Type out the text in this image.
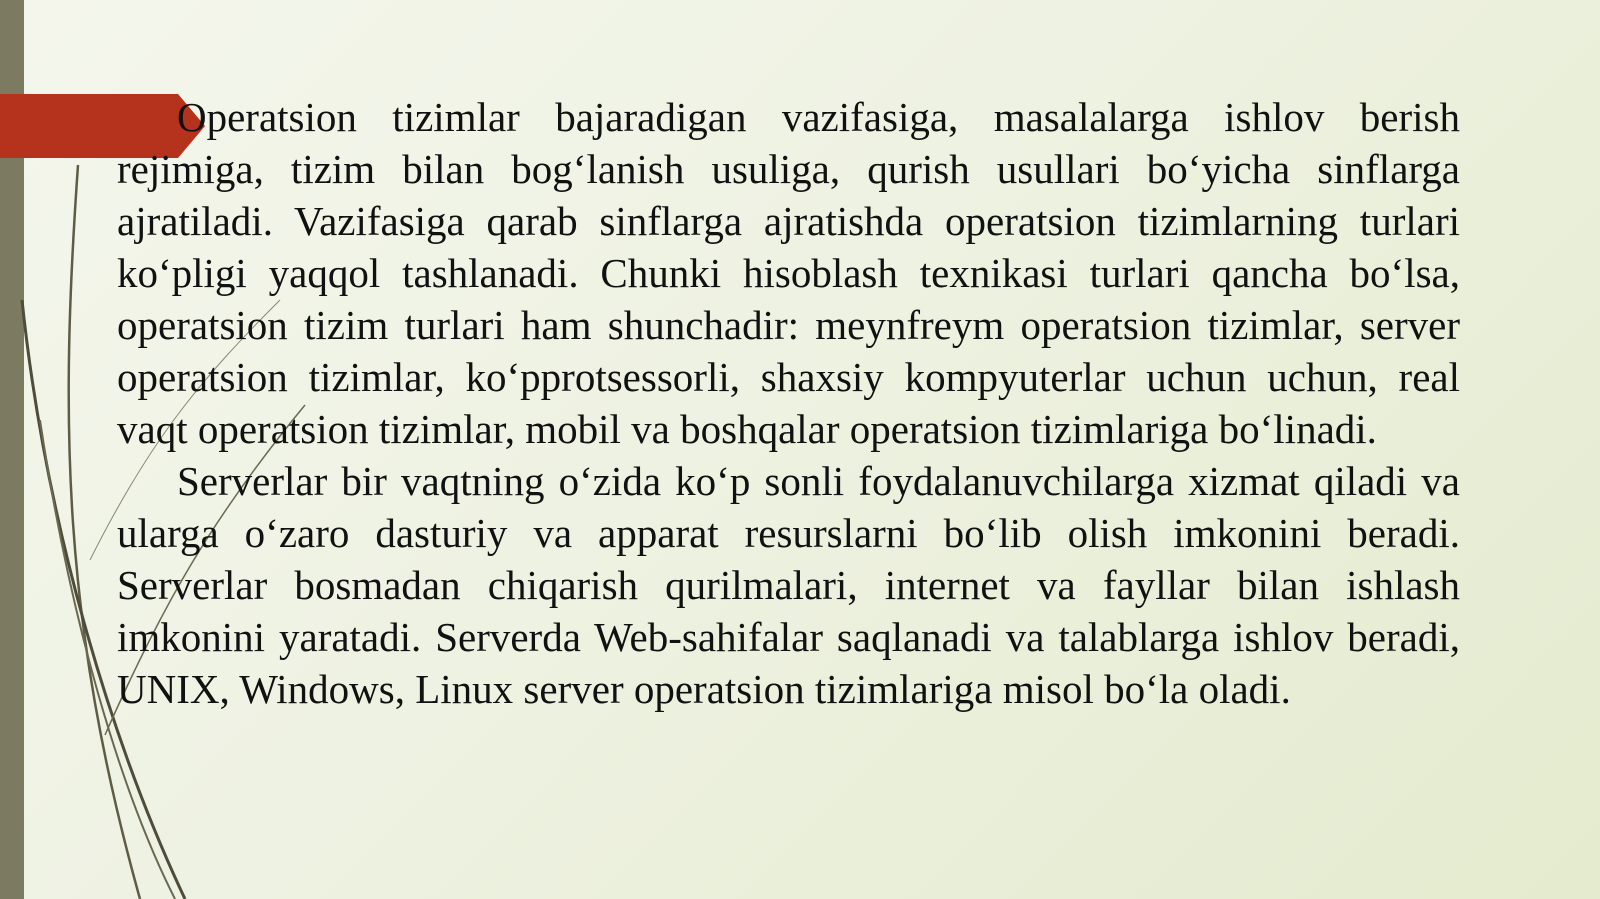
Operatsion tizimlar bajaradigan vazifasiga, masalalarga ishlov berish rejimiga, tizim bilan bog‘lanish usuliga, qurish usullari bo‘yicha sinflarga ajratiladi. Vazifasiga qarab sinflarga ajratishda operatsion tizimlarning turlari ko‘pligi yaqqol tashlanadi. Chunki hisoblash texnikasi turlari qancha bo‘lsa, operatsion tizim turlari ham shunchadir: meynfreym operatsion tizimlar, server operatsion tizimlar, ko‘pprotsessorli, shaxsiy kompyuterlar uchun uchun, real vaqt operatsion tizimlar, mobil va boshqalar operatsion tizimlariga bo‘linadi.

Serverlar bir vaqtning o‘zida ko‘p sonli foydalanuvchilarga xizmat qiladi va ularga o‘zaro dasturiy va apparat resurslarni bo‘lib olish imkonini beradi. Serverlar bosmadan chiqarish qurilmalari, internet va fayllar bilan ishlash imkonini yaratadi. Serverda Web-sahifalar saqlanadi va talablarga ishlov beradi, UNIX, Windows, Linux server operatsion tizimlariga misol bo‘la oladi.
